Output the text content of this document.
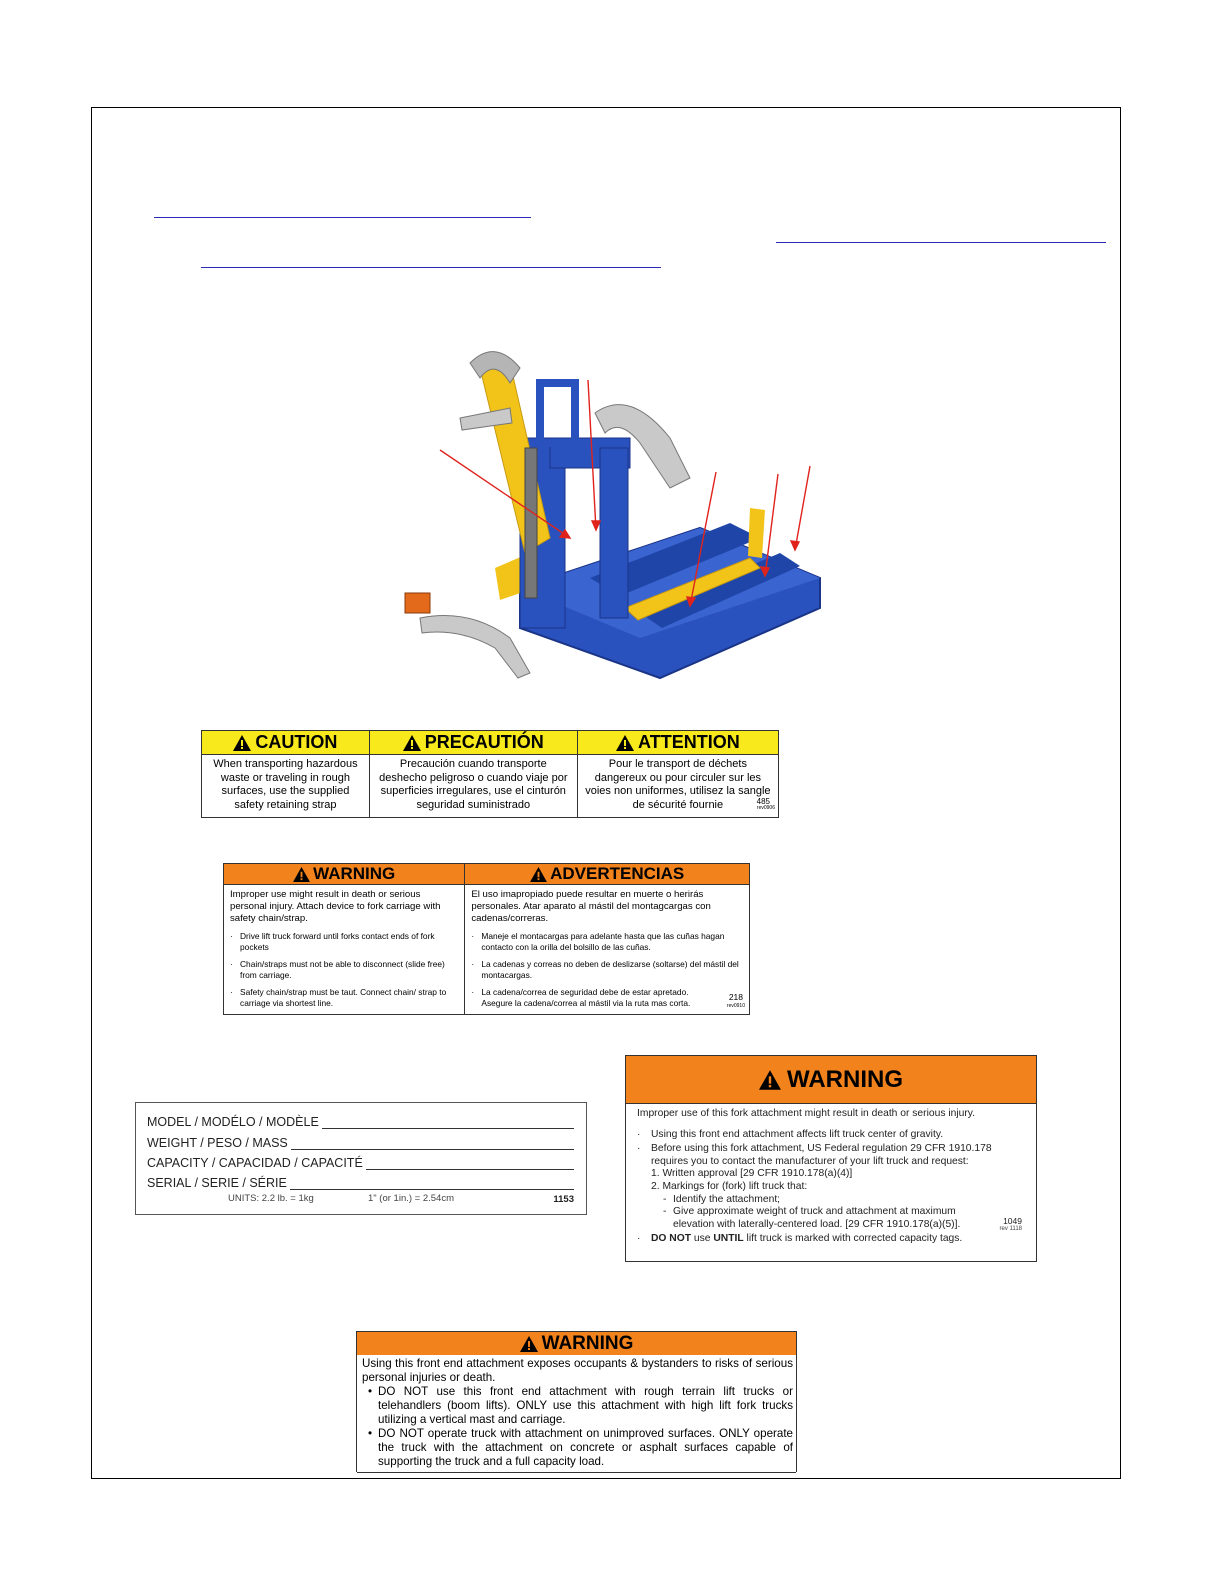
CAUTION
When transporting hazardous waste or traveling in rough surfaces, use the supplied safety retaining strap
PRECAUTIÓN
Precaución cuando transporte deshecho peligroso o cuando viaje por superficies irregulares, use el cinturón seguridad suministrado
ATTENTION
Pour le transport de déchets dangereux ou pour circuler sur les voies non uniformes, utilisez la sangle de sécurité fournie	485
rev0906
WARNING
Improper use might result in death or serious personal injury. Attach device to fork carriage with safety chain/strap.
· Drive lift truck forward until forks contact ends of fork pockets
· Chain/straps must not be able to disconnect (slide free) from carriage.
· Safety chain/strap must be taut. Connect chain/ strap to carriage via shortest line.
ADVERTENCIAS
El uso imapropiado puede resultar en muerte o herirás personales. Atar aparato al mástil del montagcargas con cadenas/correras.
· Maneje el montacargas para adelante hasta que las cuñas hagan contacto con la orilla del bolsillo de las cuñas.
· La cadenas y correas no deben de deslizarse (soltarse) del mástil del montacargas.
· La cadena/correa de seguridad debe de estar apretado. Asegure la cadena/correa al mástil via la ruta mas corta.
218
rev0910
MODEL / MODÉLO / MODÈLE
WEIGHT / PESO / MASS
CAPACITY / CAPACIDAD / CAPACITÉ
SERIAL / SERIE / SÉRIE
UNITS: 2.2 lb. = 1kg	1" (or 1in.) = 2.54cm	1153
WARNING
Improper use of this fork attachment might result in death or serious injury.
·	Using this front end attachment affects lift truck center of gravity.
·	Before using this fork attachment, US Federal regulation 29 CFR 1910.178 requires you to contact the manufacturer of your lift truck and request:
1. Written approval [29 CFR 1910.178(a)(4)]
2. Markings for (fork) lift truck that:
- Identify the attachment;
- Give approximate weight of truck and attachment at maximum elevation with laterally-centered load. [29 CFR 1910.178(a)(5)].
·	DO NOT use UNTIL lift truck is marked with corrected capacity tags.
1049
rev 1118
WARNING
Using this front end attachment exposes occupants & bystanders to risks of serious personal injuries or death.
• DO NOT use this front end attachment with rough terrain lift trucks or telehandlers (boom lifts). ONLY use this attachment with high lift fork trucks utilizing a vertical mast and carriage.
• DO NOT operate truck with attachment on unimproved surfaces. ONLY operate the truck with the attachment on concrete or asphalt surfaces capable of supporting the truck and a full capacity load.
